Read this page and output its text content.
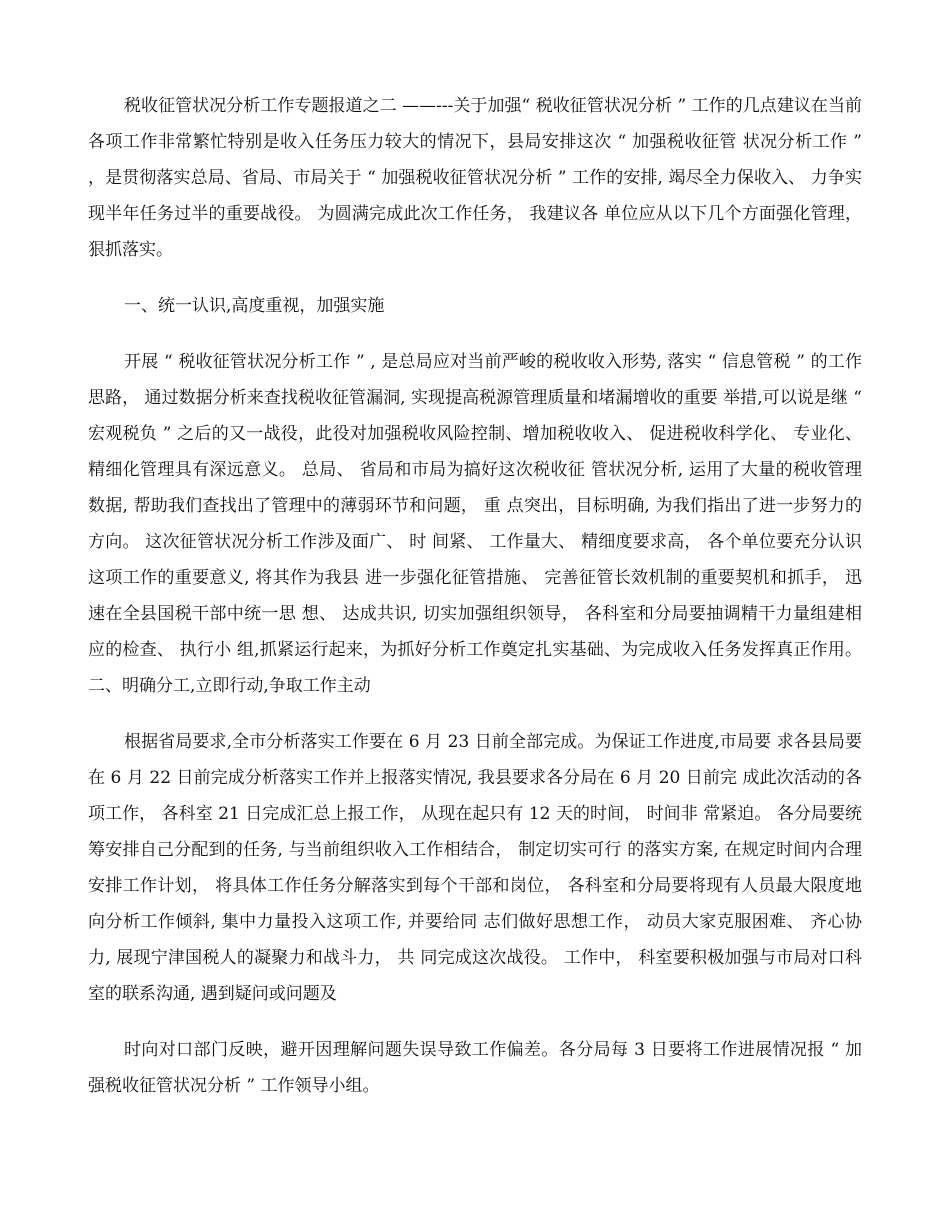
税收征管状况分析工作专题报道之二 ——---关于加强“ 税收征管状况分析 ” 工作的几点建议在当前各项工作非常繁忙特别是收入任务压力较大的情况下，县局安排这次 “ 加强税收征管 状况分析工作 ” ，是贯彻落实总局、省局、市局关于 “ 加强税收征管状况分析 ” 工作的安排, 竭尽全力保收入、 力争实现半年任务过半的重要战役。 为圆满完成此次工作任务， 我建议各 单位应从以下几个方面强化管理，狠抓落实。

一、统一认识,高度重视，加强实施

开展 “ 税收征管状况分析工作 ” , 是总局应对当前严峻的税收收入形势, 落实 “ 信息管税 ” 的工作思路， 通过数据分析来查找税收征管漏洞, 实现提高税源管理质量和堵漏增收的重要 举措,可以说是继 “ 宏观税负 ” 之后的又一战役，此役对加强税收风险控制、增加税收收入、 促进税收科学化、 专业化、 精细化管理具有深远意义。 总局、 省局和市局为搞好这次税收征 管状况分析, 运用了大量的税收管理数据, 帮助我们查找出了管理中的薄弱环节和问题， 重 点突出，目标明确, 为我们指出了进一步努力的方向。 这次征管状况分析工作涉及面广、 时 间紧、 工作量大、 精细度要求高， 各个单位要充分认识这项工作的重要意义, 将其作为我县 进一步强化征管措施、 完善征管长效机制的重要契机和抓手， 迅速在全县国税干部中统一思 想、 达成共识, 切实加强组织领导， 各科室和分局要抽调精干力量组建相应的检查、 执行小 组,抓紧运行起来，为抓好分析工作奠定扎实基础、为完成收入任务发挥真正作用。 二、明确分工,立即行动,争取工作主动

根据省局要求,全市分析落实工作要在 6 月 23 日前全部完成。为保证工作进度,市局要 求各县局要在 6 月 22 日前完成分析落实工作并上报落实情况, 我县要求各分局在 6 月 20 日前完 成此次活动的各项工作， 各科室 21 日完成汇总上报工作， 从现在起只有 12 天的时间， 时间非 常紧迫。 各分局要统筹安排自己分配到的任务, 与当前组织收入工作相结合， 制定切实可行 的落实方案, 在规定时间内合理安排工作计划， 将具体工作任务分解落实到每个干部和岗位， 各科室和分局要将现有人员最大限度地向分析工作倾斜, 集中力量投入这项工作, 并要给同 志们做好思想工作， 动员大家克服困难、 齐心协力, 展现宁津国税人的凝聚力和战斗力， 共 同完成这次战役。 工作中， 科室要积极加强与市局对口科室的联系沟通, 遇到疑问或问题及

时向对口部门反映，避开因理解问题失误导致工作偏差。各分局每 3 日要将工作进展情况报 “ 加强税收征管状况分析 ” 工作领导小组。
